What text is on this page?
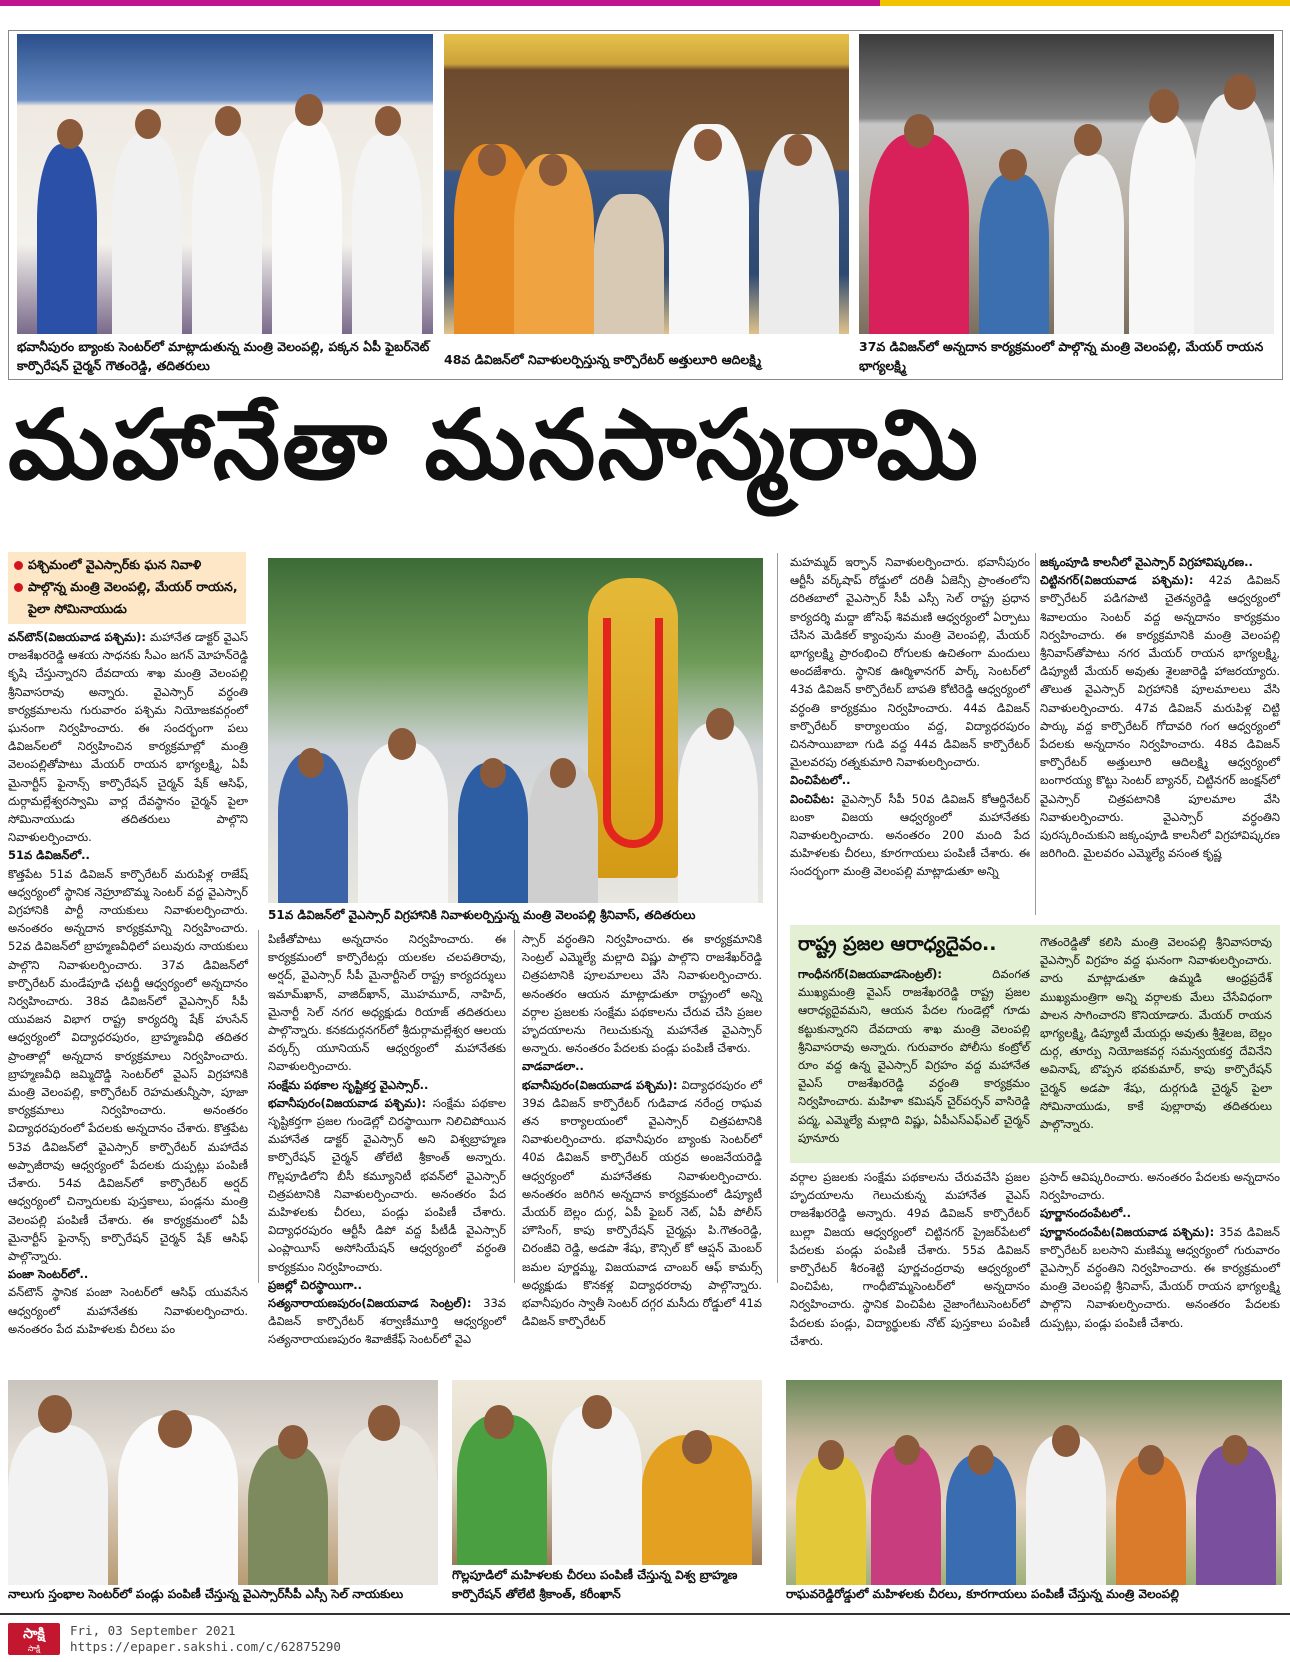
భవానీపురం బ్యాంకు సెంటర్‌లో మాట్లాడుతున్న మంత్రి వెలంపల్లి, పక్కన ఏపీ ఫైబర్‌నెట్ కార్పొరేషన్ చైర్మన్ గౌతంరెడ్డి, తదితరులు	48వ డివిజన్‌లో నివాళులర్పిస్తున్న కార్పొరేటర్ అత్తులూరి ఆదిలక్ష్మి
37వ డివిజన్‌లో అన్నదాన కార్యక్రమంలో పాల్గొన్న మంత్రి వెలంపల్లి, మేయర్ రాయన భాగ్యలక్ష్మి
మహానేతా మనసాస్మరామి
పశ్చిమంలో వైఎస్సార్‌కు ఘన నివాళి
పాల్గొన్న మంత్రి వెలంపల్లి, మేయర్ రాయన, పైలా సోమినాయుడు

వన్‌టౌన్(విజయవాడ పశ్చిమ): మహానేత డాక్టర్ వైఎస్ రాజశేఖరరెడ్డి ఆశయ సాధనకు సీఎం జగన్ మోహన్‌రెడ్డి కృషి చేస్తున్నారని దేవదాయ శాఖ మంత్రి వెలంపల్లి శ్రీనివాసరావు అన్నారు. వైఎస్సార్ వర్ధంతి కార్యక్రమాలను గురువారం పశ్చిమ నియోజకవర్గంలో ఘనంగా నిర్వహించారు. ఈ సందర్భంగా పలు డివిజన్‌లలో నిర్వహించిన కార్యక్రమాల్లో మంత్రి వెలంపల్లితోపాటు మేయర్ రాయన భాగ్యలక్ష్మి, ఏపీ మైనార్టీస్ ఫైనాన్స్ కార్పొరేషన్ చైర్మన్ షేక్ ఆసిఫ్, దుర్గామల్లేశ్వరస్వామి వార్ల దేవస్థానం చైర్మన్ పైలా సోమినాయుడు తదితరులు పాల్గొని నివాళులర్పించారు.

51వ డివిజన్‌లో..

కొత్తపేట 51వ డివిజన్ కార్పొరేటర్ మరుపిళ్ల రాజేష్ ఆధ్వర్యంలో స్థానిక నెహ్రూబొమ్మ సెంటర్ వద్ద వైఎస్సార్ విగ్రహానికి పార్టీ నాయకులు నివాళులర్పించారు. అనంతరం అన్నదాన కార్యక్రమాన్ని నిర్వహించారు. 52వ డివిజన్‌లో బ్రాహ్మణవీధిలో పలువురు నాయకులు పాల్గొని నివాళులర్పించారు. 37వ డివిజన్‌లో కార్పొరేటర్ మండేపూడి ఛటర్జీ ఆధ్వర్యంలో అన్నదానం నిర్వహించారు. 38వ డివిజన్‌లో వైఎస్సార్ సీపీ యువజన విభాగ రాష్ట్ర కార్యదర్శి షేక్ హుసేన్ ఆధ్వర్యంలో విద్యాధరపురం, బ్రాహ్మణవీధి తదితర ప్రాంతాల్లో అన్నదాన కార్యక్రమాలు నిర్వహించారు. బ్రాహ్మణవీధి జమ్మిదొడ్డి సెంటర్‌లో వైఎస్ విగ్రహానికి మంత్రి వెలంపల్లి, కార్పొరేటర్ రెహమతున్నీసా, పూజా కార్యక్రమాలు నిర్వహించారు. అనంతరం విద్యాధరపురంలో పేదలకు అన్నదానం చేశారు. కొత్తపేట 53వ డివిజన్‌లో వైఎస్సార్ కార్పొరేటర్ మహాదేవ అప్పాజీరావు ఆధ్వర్యంలో పేదలకు దుప్పట్లు పంపిణీ చేశారు. 54వ డివిజన్‌లో కార్పొరేటర్ అర్షద్ ఆధ్వర్యంలో చిన్నారులకు పుస్తకాలు, పండ్లను మంత్రి వెలంపల్లి పంపిణీ చేశారు. ఈ కార్యక్రమంలో ఏపీ మైనార్టీస్ ఫైనాన్స్ కార్పొరేషన్ చైర్మన్ షేక్ ఆసిఫ్ పాల్గొన్నారు.

పంజా సెంటర్‌లో..

వన్‌టౌన్ స్థానిక పంజా సెంటర్‌లో ఆసిఫ్ యువసేన ఆధ్వర్యంలో మహానేతకు నివాళులర్పించారు. అనంతరం పేద మహిళలకు చీరలు పం

51వ డివిజన్‌లో వైఎస్సార్ విగ్రహానికి నివాళులర్పిస్తున్న మంత్రి వెలంపల్లి శ్రీనివాస్, తదితరులు

పిణీతోపాటు అన్నదానం నిర్వహించారు. ఈ కార్యక్రమంలో కార్పొరేటర్లు యలకల చలపతిరావు, అర్షద్, వైఎస్సార్ సీపీ మైనార్టీసెల్ రాష్ట్ర కార్యదర్శులు ఇమామ్‌ఖాన్, వాజిద్‌ఖాన్, మొహమూద్, నాహిద్, మైనార్టీ సెల్ నగర అధ్యక్షుడు రియాజ్ తదితరులు పాల్గొన్నారు. కనకదుర్గనగర్‌లో శ్రీదుర్గామల్లేశ్వర ఆలయ వర్కర్స్ యూనియన్ ఆధ్వర్యంలో మహానేతకు నివాళులర్పించారు.

సంక్షేమ పథకాల సృష్టికర్త వైఎస్సార్..

భవానీపురం(విజయవాడ పశ్చిమ): సంక్షేమ పథకాల సృష్టికర్తగా ప్రజల గుండెల్లో చిరస్థాయిగా నిలిచిపోయిన మహానేత డాక్టర్ వైఎస్సార్ అని విశ్వబ్రాహ్మణ కార్పొరేషన్ చైర్మన్ తోలేటి శ్రీకాంత్ అన్నారు. గొల్లపూడిలోని బీసీ కమ్యూనిటీ భవన్‌లో వైఎస్సార్ చిత్రపటానికి నివాళులర్పించారు. అనంతరం పేద మహిళలకు చీరలు, పండ్లు పంపిణీ చేశారు. విద్యాధరపురం ఆర్టీసీ డిపో వద్ద పీటీడీ వైఎస్సార్ ఎంప్లాయీస్ అసోసియేషన్ ఆధ్వర్యంలో వర్ధంతి కార్యక్రమం నిర్వహించారు.

ప్రజల్లో చిరస్థాయిగా..

సత్యనారాయణపురం(విజయవాడ సెంట్రల్): 33వ డివిజన్ కార్పొరేటర్ శర్వాణీమూర్తి ఆధ్వర్యంలో సత్యనారాయణపురం శివాజీకేఫ్ సెంటర్‌లో వైఎ

స్సార్ వర్ధంతిని నిర్వహించారు. ఈ కార్యక్రమానికి సెంట్రల్ ఎమ్మెల్యే మల్లాది విష్ణు పాల్గొని రాజశేఖర్‌రెడ్డి చిత్రపటానికి పూలమాలలు వేసి నివాళులర్పించారు. అనంతరం ఆయన మాట్లాడుతూ రాష్ట్రంలో అన్ని వర్గాల ప్రజలకు సంక్షేమ పథకాలను చేరువ చేసి ప్రజల హృదయాలను గెలుచుకున్న మహానేత వైఎస్సార్ అన్నారు. అనంతరం పేదలకు పండ్లు పంపిణీ చేశారు.

వాడవాడలా..

భవానీపురం(విజయవాడ పశ్చిమ): విద్యాధరపురం లో 39వ డివిజన్ కార్పొరేటర్ గుడివాడ నరేంద్ర రాఘవ తన కార్యాలయంలో వైఎస్సార్ చిత్రపటానికి నివాళులర్పించారు. భవానీపురం బ్యాంకు సెంటర్‌లో 40వ డివిజన్ కార్పొరేటర్ యర్రవ అంజనేయరెడ్డి ఆధ్వర్యంలో మహానేతకు నివాళులర్పించారు. అనంతరం జరిగిన అన్నదాన కార్యక్రమంలో డిప్యూటీ మేయర్ బెల్లం దుర్గ, ఏపీ ఫైబర్ నెట్, ఏపీ పోలీస్ హౌసింగ్, కాపు కార్పొరేషన్ చైర్మన్లు పి.గౌతంరెడ్డి, చిరంజీవి రెడ్డి, అడపా శేషు, కౌన్సిల్ కో ఆప్షన్ మెంబర్ జమల పూర్ణమ్మ, విజయవాడ చాంబర్ ఆఫ్ కామర్స్ అధ్యక్షుడు కొనకళ్ల విద్యాధరరావు పాల్గొన్నారు. భవానీపురం స్వాతీ సెంటర్ దగ్గర మసీదు రోడ్డులో 41వ డివిజన్ కార్పొరేటర్

మహమ్మద్ ఇర్ఫాన్ నివాళులర్పించారు. భవానీపురం ఆర్టీసీ వర్క్‌షాప్ రోడ్డులో దరితీ ఏజెన్సీ ప్రాంతంలోని దరితబాలో వైఎస్సార్ సీపీ ఎస్సీ సెల్ రాష్ట్ర ప్రధాన కార్యదర్శి మద్దా జోసెఫ్ శివమణి ఆధ్వర్యంలో ఏర్పాటు చేసిన మెడికల్ క్యాంపును మంత్రి వెలంపల్లి, మేయర్ భాగ్యలక్ష్మి ప్రారంభించి రోగులకు ఉచితంగా మందులు అందజేశారు. స్థానిక ఊర్మిళానగర్ పార్క్ సెంటర్‌లో 43వ డివిజన్ కార్పొరేటర్ బాపతి కోటిరెడ్డి ఆధ్వర్యంలో వర్ధంతి కార్యక్రమం నిర్వహించారు. 44వ డివిజన్ కార్పొరేటర్ కార్యాలయం వద్ద, విద్యాధరపురం చినసాయిబాబా గుడి వద్ద 44వ డివిజన్ కార్పొరేటర్ మైలవరపు రత్నకుమారి నివాళులర్పించారు.

వించిపేటలో..

వించిపేట: వైఎస్సార్ సీపీ 50వ డివిజన్ కోఆర్డినేటర్ బంకా విజయ ఆధ్వర్యంలో మహానేతకు నివాళులర్పించారు. అనంతరం 200 మంది పేద మహిళలకు చీరలు, కూరగాయలు పంపిణీ చేశారు. ఈ సందర్భంగా మంత్రి వెలంపల్లి మాట్లాడుతూ అన్ని

జక్కంపూడి కాలనీలో వైఎస్సార్ విగ్రహావిష్కరణ..

చిట్టినగర్(విజయవాడ పశ్చిమ): 42వ డివిజన్ కార్పొరేటర్ పడిగపాటి చైతన్యరెడ్డి ఆధ్వర్యంలో శివాలయం సెంటర్ వద్ద అన్నదానం కార్యక్రమం నిర్వహించారు. ఈ కార్యక్రమానికి మంత్రి వెలంపల్లి శ్రీనివాస్‌తోపాటు నగర మేయర్ రాయన భాగ్యలక్ష్మి, డిప్యూటీ మేయర్ అవుతు శైలజారెడ్డి హాజరయ్యారు. తొలుత వైఎస్సార్ విగ్రహానికి పూలమాలలు వేసి నివాళులర్పించారు. 47వ డివిజన్ మరుపిళ్ల చిట్టి పార్కు వద్ద కార్పొరేటర్ గోదావరి గంగ ఆధ్వర్యంలో పేదలకు అన్నదానం నిర్వహించారు. 48వ డివిజన్ కార్పొరేటర్ అత్తులూరి ఆదిలక్ష్మి ఆధ్వర్యంలో బంగారయ్య కొట్టు సెంటర్ బ్యానర్, చిట్టినగర్ జంక్షన్‌లో వైఎస్సార్ చిత్రపటానికి పూలమాల వేసి నివాళులర్పించారు. వైఎస్సార్ వర్ధంతిని పురస్కరించుకుని జక్కంపూడి కాలనీలో విగ్రహావిష్కరణ జరిగింది. మైలవరం ఎమ్మెల్యే వసంత కృష్ణ

రాష్ట్ర ప్రజల ఆరాధ్యదైవం..
గాంధీనగర్(విజయవాడసెంట్రల్): దివంగత ముఖ్యమంత్రి వైఎస్ రాజశేఖరరెడ్డి రాష్ట్ర ప్రజల ఆరాధ్యదైవమని, ఆయన పేదల గుండెల్లో గూడు కట్టుకున్నారని దేవదాయ శాఖ మంత్రి వెలంపల్లి శ్రీనివాసరావు అన్నారు. గురువారం పోలీసు కంట్రోల్ రూం వద్ద ఉన్న వైఎస్సార్ విగ్రహం వద్ద మహానేత వైఎస్ రాజశేఖరరెడ్డి వర్ధంతి కార్యక్రమం నిర్వహించారు. మహిళా కమిషన్ చైర్‌పర్సన్ వాసిరెడ్డి పద్మ, ఎమ్మెల్యే మల్లాది విష్ణు, ఏపీఎస్‌ఎఫ్‌ఎల్ చైర్మన్ పూనూరు
గౌతంరెడ్డితో కలిసి మంత్రి వెలంపల్లి శ్రీనివాసరావు వైఎస్సార్ విగ్రహం వద్ద ఘనంగా నివాళులర్పించారు. వారు మాట్లాడుతూ ఉమ్మడి ఆంధ్రప్రదేశ్ ముఖ్యమంత్రిగా అన్ని వర్గాలకు మేలు చేసేవిధంగా పాలన సాగించారని కొనియాడారు. మేయర్ రాయన భాగ్యలక్ష్మి, డిప్యూటీ మేయర్లు అవుతు శ్రీశైలజ, బెల్లం దుర్గ, తూర్పు నియోజకవర్గ సమన్వయకర్త దేవినేని అవినాష్, బొప్పన భవకుమార్, కాపు కార్పొరేషన్ చైర్మన్ అడపా శేషు, దుర్గగుడి చైర్మన్ పైలా సోమినాయుడు, కాకే పుల్లారావు తదితరులు పాల్గొన్నారు.

వర్గాల ప్రజలకు సంక్షేమ పథకాలను చేరువచేసి ప్రజల హృదయాలను గెలుచుకున్న మహానేత వైఎస్ రాజశేఖరరెడ్డి అన్నారు. 49వ డివిజన్ కార్పొరేటర్ బుల్లా విజయ ఆధ్వర్యంలో చిట్టినగర్ ప్రైజర్‌పేటలో పేదలకు పండ్లు పంపిణీ చేశారు. 55వ డివిజన్ కార్పొరేటర్ శీరంశెట్టి పూర్ణచంద్రరావు ఆధ్వర్యంలో వించిపేట, గాంధీబొమ్మసెంటర్‌లో అన్నదానం నిర్వహించారు. స్థానిక వించిపేట నైజాంగేటుసెంటర్‌లో పేదలకు పండ్లు, విద్యార్థులకు నోట్ పుస్తకాలు పంపిణీ చేశారు.

ప్రసాద్ ఆవిష్కరించారు. అనంతరం పేదలకు అన్నదానం నిర్వహించారు.

పూర్ణానందంపేటలో..

పూర్ణానందంపేట(విజయవాడ పశ్చిమ): 35వ డివిజన్ కార్పొరేటర్ బలసాని మణిమ్మ ఆధ్వర్యంలో గురువారం వైఎస్సార్ వర్ధంతిని నిర్వహించారు. ఈ కార్యక్రమంలో మంత్రి వెలంపల్లి శ్రీనివాస్, మేయర్ రాయన భాగ్యలక్ష్మి పాల్గొని నివాళులర్పించారు. అనంతరం పేదలకు దుప్పట్లు, పండ్లు పంపిణీ చేశారు.

నాలుగు స్తంభాల సెంటర్‌లో పండ్లు పంపిణీ చేస్తున్న వైఎస్సార్‌సీపీ ఎస్సీ సెల్ నాయకులు
గొల్లపూడిలో మహిళలకు చీరలు పంపిణీ చేస్తున్న విశ్వ బ్రాహ్మణ కార్పొరేషన్ తోలేటి శ్రీకాంత్, కరీంఖాన్	రాఘవరెడ్డిరోడ్డులో మహిళలకు చీరలు, కూరగాయలు పంపిణీ చేస్తున్న మంత్రి వెలంపల్లి
సాక్షి
సాక్షి
Fri, 03 September 2021
https://epaper.sakshi.com/c/62875290
